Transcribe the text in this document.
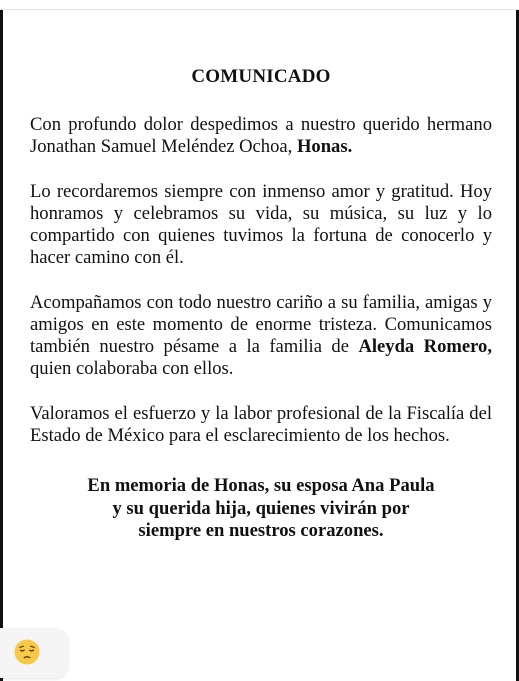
COMUNICADO

Con profundo dolor despedimos a nuestro querido hermano Jonathan Samuel Meléndez Ochoa, Honas.

Lo recordaremos siempre con inmenso amor y gratitud. Hoy honramos y celebramos su vida, su música, su luz y lo compartido con quienes tuvimos la fortuna de conocerlo y hacer camino con él.

Acompañamos con todo nuestro cariño a su familia, amigas y amigos en este momento de enorme tristeza. Comunicamos también nuestro pésame a la familia de Aleyda Romero, quien colaboraba con ellos.

Valoramos el esfuerzo y la labor profesional de la Fiscalía del Estado de México para el esclarecimiento de los hechos.

En memoria de Honas, su esposa Ana Paula
y su querida hija, quienes vivirán por
siempre en nuestros corazones.
